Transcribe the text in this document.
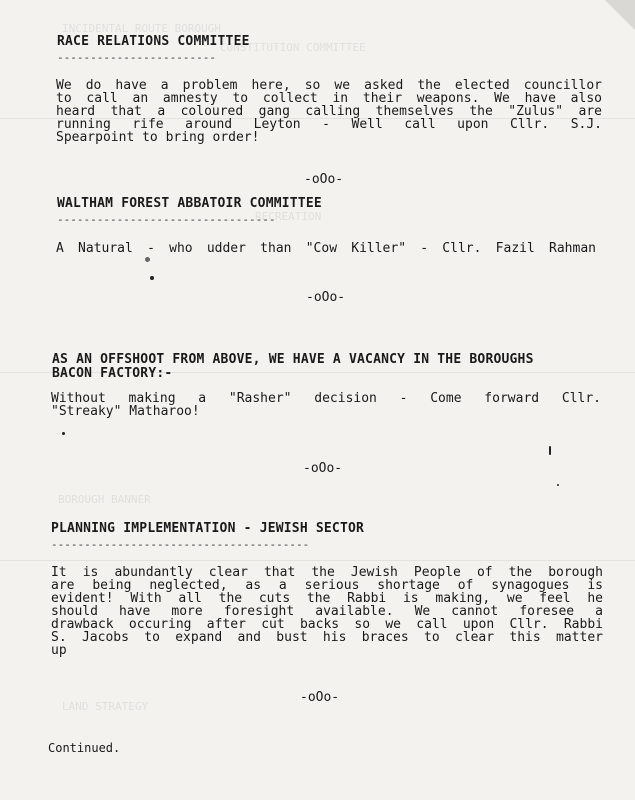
INCIDENTAL ROUTE BOROUGH
CONSTITUTION COMMITTEE
RECREATION
BOROUGH BANNER
LAND STRATEGY
RACE RELATIONS COMMITTEE
------------------------
We do have a problem here, so we asked the elected councillor
to call an amnesty to collect in their weapons. We have also
heard that a coloured gang calling themselves the "Zulus" are
running rife around Leyton - Well call upon Cllr. S.J.
Spearpoint to bring order!
-oOo-
WALTHAM FOREST ABBATOIR COMMITTEE
---------------------------------
A Natural - who udder than "Cow Killer" - Cllr. Fazil Rahman
-oOo-
AS AN OFFSHOOT FROM ABOVE, WE HAVE A VACANCY IN THE BOROUGHS
BACON FACTORY:-
Without making a "Rasher" decision - Come forward Cllr.
"Streaky" Matharoo!
-oOo-
PLANNING IMPLEMENTATION - JEWISH SECTOR
---------------------------------------
It is abundantly clear that the Jewish People of the borough
are being neglected, as a serious shortage of synagogues is
evident! With all the cuts the Rabbi is making, we feel he
should have more foresight available. We cannot foresee a
drawback occuring after cut backs so we call upon Cllr. Rabbi
S. Jacobs to expand and bust his braces to clear this matter
up
-oOo-
Continued.
